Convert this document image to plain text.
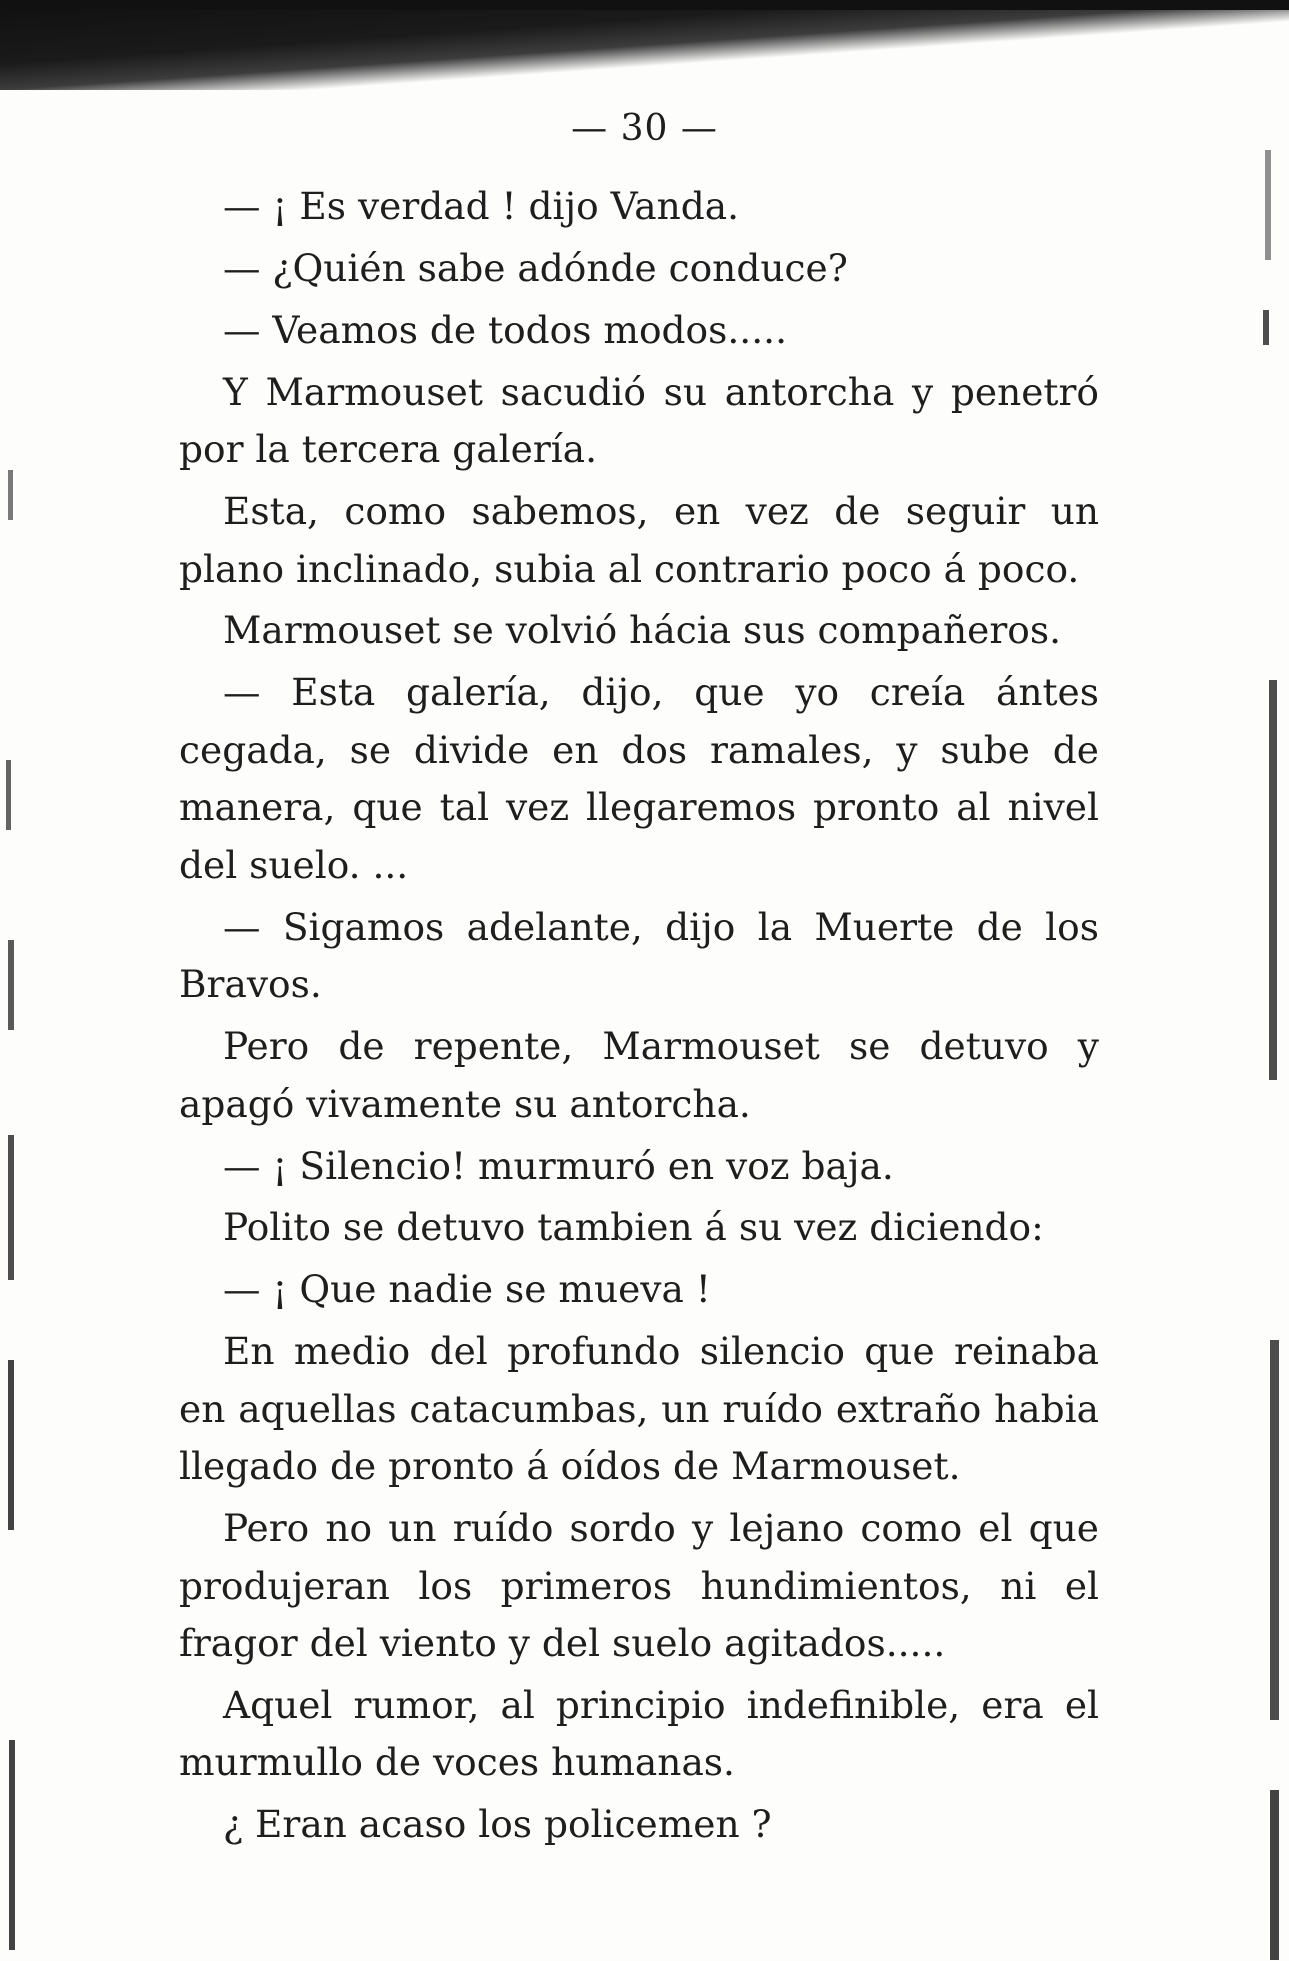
— 30 —

— ¡ Es verdad ! dijo Vanda.

— ¿Quién sabe adónde conduce?

— Veamos de todos modos.....

Y Marmouset sacudió su antorcha y penetró por la tercera galería.

Esta, como sabemos, en vez de seguir un plano inclinado, subia al contrario poco á poco.

Marmouset se volvió hácia sus compañeros.

— Esta galería, dijo, que yo creía ántes cegada, se divide en dos ramales, y sube de manera, que tal vez llegaremos pronto al nivel del suelo. ...

— Sigamos adelante, dijo la Muerte de los Bravos.

Pero de repente, Marmouset se detuvo y apagó vivamente su antorcha.

— ¡ Silencio! murmuró en voz baja.

Polito se detuvo tambien á su vez diciendo:

— ¡ Que nadie se mueva !

En medio del profundo silencio que reinaba en aquellas catacumbas, un ruído extraño habia llegado de pronto á oídos de Marmouset.

Pero no un ruído sordo y lejano como el que produjeran los primeros hundimientos, ni el fragor del viento y del suelo agitados.....

Aquel rumor, al principio indefinible, era el murmullo de voces humanas.

¿ Eran acaso los policemen ?
